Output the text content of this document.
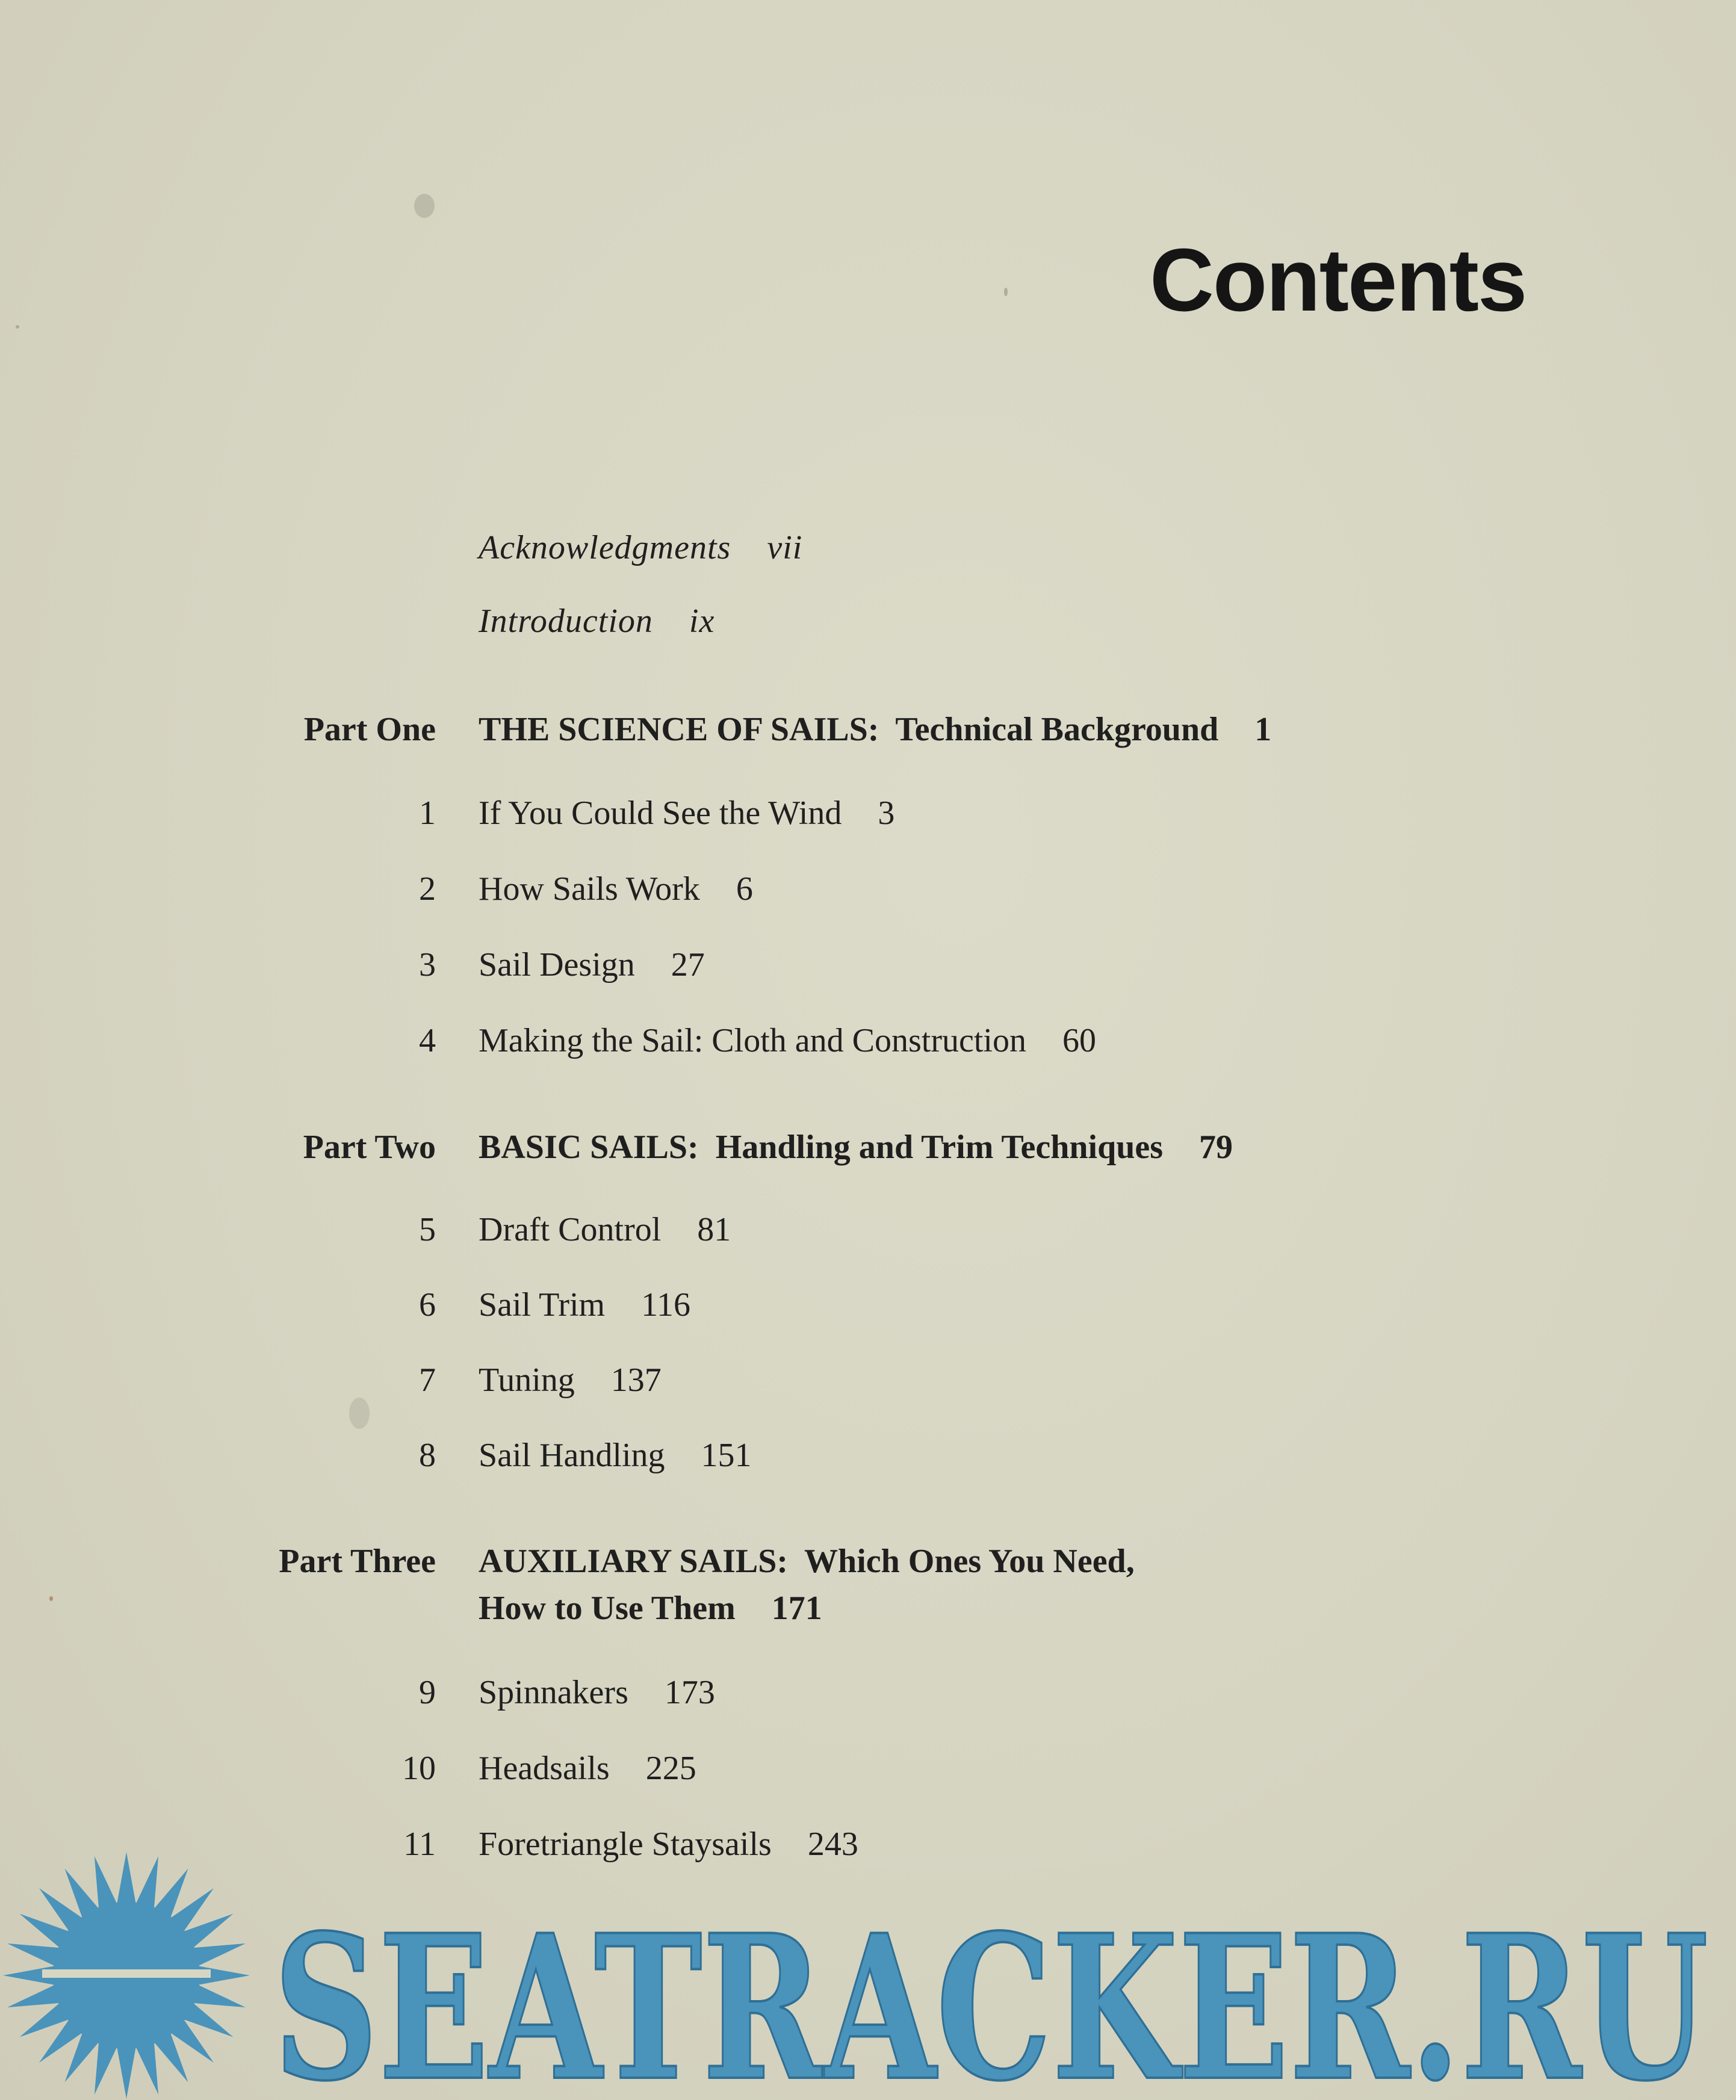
Contents
Acknowledgments vii
Introduction ix
Part One THE SCIENCE OF SAILS:  Technical Background 1
1 If You Could See the Wind 3
2 How Sails Work 6
3 Sail Design 27
4 Making the Sail: Cloth and Construction 60
Part Two BASIC SAILS:  Handling and Trim Techniques 79
5 Draft Control 81
6 Sail Trim 116
7 Tuning 137
8 Sail Handling 151
Part Three AUXILIARY SAILS:  Which Ones You Need,
How to Use Them 171
9 Spinnakers 173
10 Headsails 225
11 Foretriangle Staysails 243
SEATRACKER.RU
